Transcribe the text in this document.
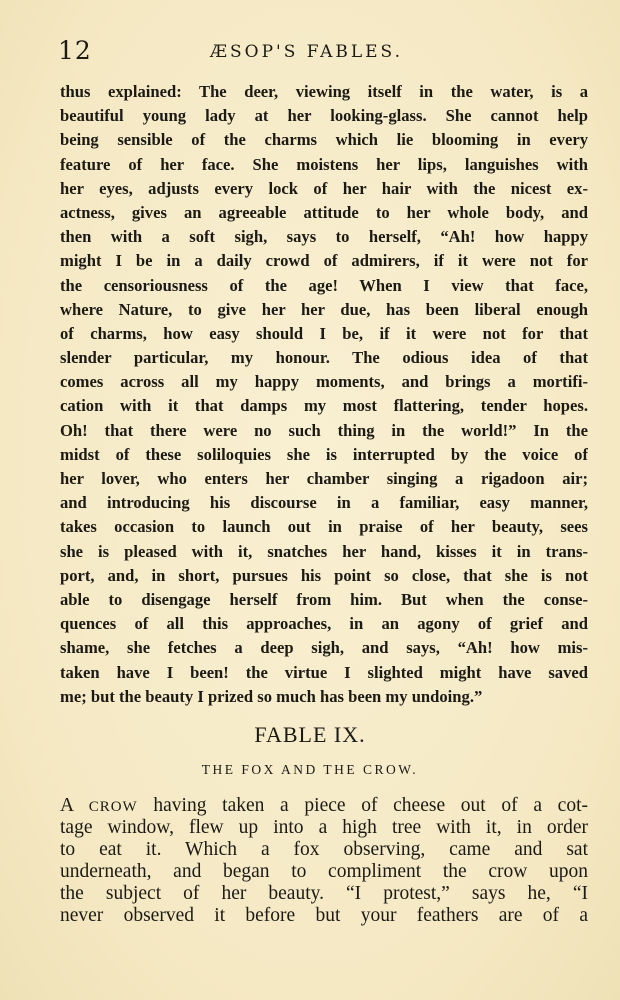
12	ÆSOP'S FABLES.
thus explained: The deer, viewing itself in the water, is a
beautiful young lady at her looking-glass. She cannot help
being sensible of the charms which lie blooming in every
feature of her face. She moistens her lips, languishes with
her eyes, adjusts every lock of her hair with the nicest ex-
actness, gives an agreeable attitude to her whole body, and
then with a soft sigh, says to herself, “Ah! how happy
might I be in a daily crowd of admirers, if it were not for
the censoriousness of the age! When I view that face,
where Nature, to give her her due, has been liberal enough
of charms, how easy should I be, if it were not for that
slender particular, my honour. The odious idea of that
comes across all my happy moments, and brings a mortifi-
cation with it that damps my most flattering, tender hopes.
Oh! that there were no such thing in the world!” In the
midst of these soliloquies she is interrupted by the voice of
her lover, who enters her chamber singing a rigadoon air;
and introducing his discourse in a familiar, easy manner,
takes occasion to launch out in praise of her beauty, sees
she is pleased with it, snatches her hand, kisses it in trans-
port, and, in short, pursues his point so close, that she is not
able to disengage herself from him. But when the conse-
quences of all this approaches, in an agony of grief and
shame, she fetches a deep sigh, and says, “Ah! how mis-
taken have I been! the virtue I slighted might have saved
me; but the beauty I prized so much has been my undoing.”
FABLE IX.
THE FOX AND THE CROW.
A CROW having taken a piece of cheese out of a cot-
tage window, flew up into a high tree with it, in order
to eat it. Which a fox observing, came and sat
underneath, and began to compliment the crow upon
the subject of her beauty. “I protest,” says he, “I
never observed it before but your feathers are of a
